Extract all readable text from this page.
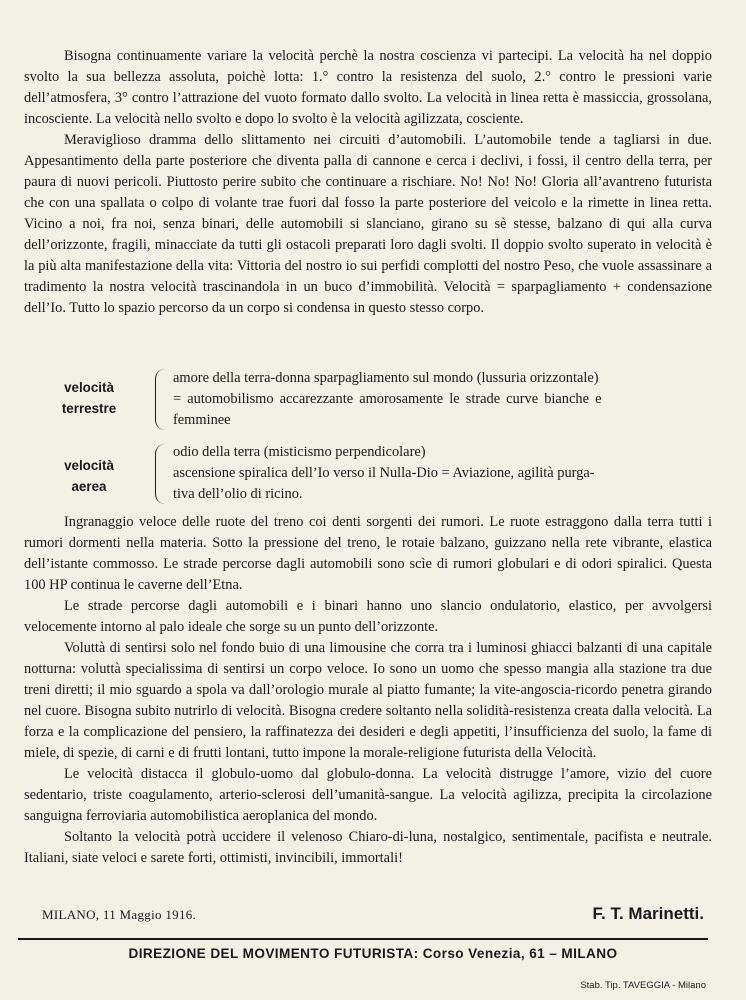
Bisogna continuamente variare la velocità perchè la nostra coscienza vi partecipi. La velocità ha nel doppio svolto la sua bellezza assoluta, poichè lotta: 1.° contro la resistenza del suolo, 2.° contro le pressioni varie dell’atmosfera, 3° contro l’attrazione del vuoto formato dallo svolto. La velocità in linea retta è massiccia, grossolana, incosciente. La velocità nello svolto e dopo lo svolto è la velocità agilizzata, cosciente.

Meraviglioso dramma dello slittamento nei circuiti d’automobili. L’automobile tende a tagliarsi in due. Appesantimento della parte posteriore che diventa palla di cannone e cerca i declivi, i fossi, il centro della terra, per paura di nuovi pericoli. Piuttosto perire subito che continuare a rischiare. No! No! No! Gloria all’avantreno futurista che con una spallata o colpo di volante trae fuori dal fosso la parte posteriore del veicolo e la rimette in linea retta. Vicino a noi, fra noi, senza binari, delle automobili si slanciano, girano su sè stesse, balzano di qui alla curva dell’orizzonte, fragili, minacciate da tutti gli ostacoli preparati loro dagli svolti. Il doppio svolto superato in velocità è la più alta manifestazione della vita: Vittoria del nostro io sui perfidi complotti del nostro Peso, che vuole assassinare a tradimento la nostra velocità trascinandola in un buco d’immobilità. Velocità = sparpagliamento + condensazione dell’Io. Tutto lo spazio percorso da un corpo si condensa in questo stesso corpo.

velocità
terrestre
amore della terra-donna sparpagliamento sul mondo (lussuria orizzontale)
= automobilismo accarezzante amorosamente le strade curve bianche e
femminee
velocità
aerea
odio della terra (misticismo perpendicolare)
ascensione spiralica dell’Io verso il Nulla-Dio = Aviazione, agilità purga-
tiva dell’olio di ricino.

Ingranaggio veloce delle ruote del treno coi denti sorgenti dei rumori. Le ruote estraggono dalla terra tutti i rumori dormenti nella materia. Sotto la pressione del treno, le rotaie balzano, guizzano nella rete vibrante, elastica dell’istante commosso. Le strade percorse dagli automobili sono scìe di rumori globulari e di odori spiralici. Questa 100 HP continua le caverne dell’Etna.

Le strade percorse dagli automobili e i binari hanno uno slancio ondulatorio, elastico, per avvolgersi velocemente intorno al palo ideale che sorge su un punto dell’orizzonte.

Voluttà di sentirsi solo nel fondo buio di una limousine che corra tra i luminosi ghiacci balzanti di una capitale notturna: voluttà specialissima di sentirsi un corpo veloce. Io sono un uomo che spesso mangia alla stazione tra due treni diretti; il mio sguardo a spola va dall’orologio murale al piatto fumante; la vite-angoscia-ricordo penetra girando nel cuore. Bisogna subito nutrirlo di velocità. Bisogna credere soltanto nella solidità-resistenza creata dalla velocità. La forza e la complicazione del pensiero, la raffinatezza dei desideri e degli appetiti, l’insufficienza del suolo, la fame di miele, di spezie, di carni e di frutti lontani, tutto impone la morale-religione futurista della Velocità.

Le velocità distacca il globulo-uomo dal globulo-donna. La velocità distrugge l’amore, vizio del cuore sedentario, triste coagulamento, arterio-sclerosi dell’umanità-sangue. La velocità agilizza, precipita la circolazione sanguigna ferroviaria automobilistica aeroplanica del mondo.

Soltanto la velocità potrà uccidere il velenoso Chiaro-di-luna, nostalgico, sentimentale, pacifista e neutrale. Italiani, siate veloci e sarete forti, ottimisti, invincibili, immortali!

MILANO, 11 Maggio 1916.	F. T. Marinetti.
DIREZIONE DEL MOVIMENTO FUTURISTA: Corso Venezia, 61 – MILANO
Stab. Tip. TAVEGGIA - Milano
